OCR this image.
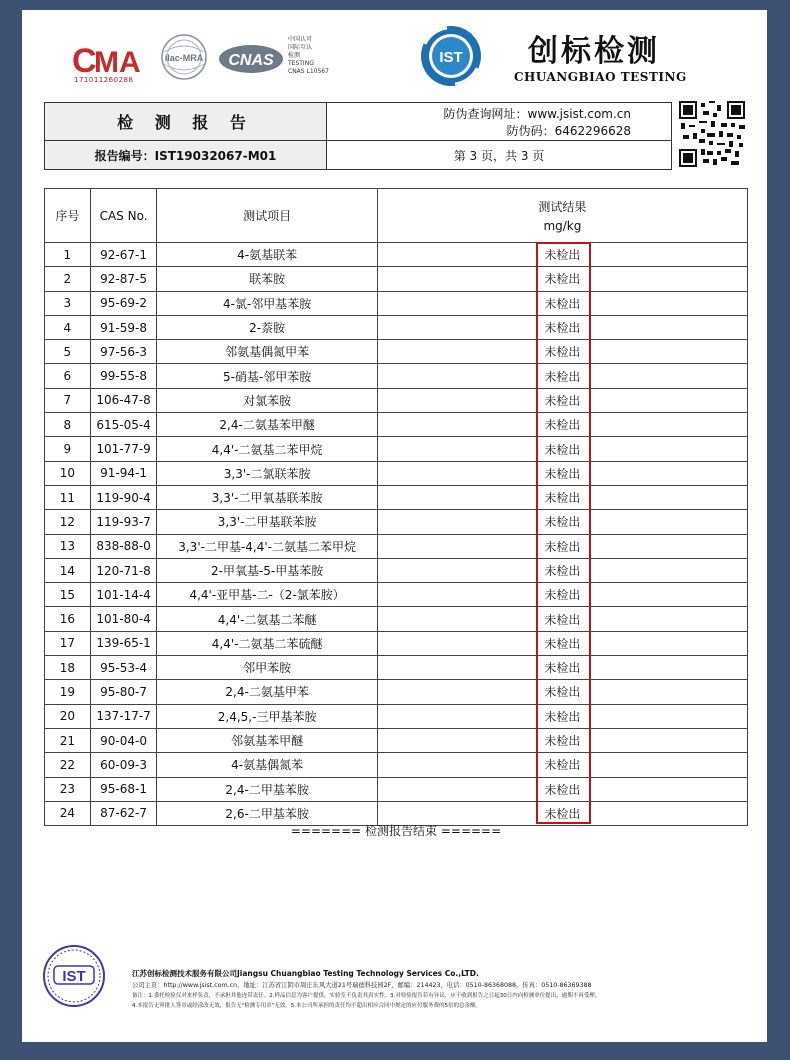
C
MA
171011260288
ilac-MRA CNAS
中国认可
国际互认
检测
TESTING
CNAS L10567
IST 创标检测
CHUANGBIAO TESTING
检 测 报 告	防伪查询网址：www.jsist.com.cn
防伪码：6462296628
报告编号：IST19032067-M01	第 3 页，共 3 页
序号	CAS No.	测试项目	测试结果
mg/kg

1	92-67-1	4-氨基联苯	未检出
2	92-87-5	联苯胺	未检出
3	95-69-2	4-氯-邻甲基苯胺	未检出
4	91-59-8	2-萘胺	未检出
5	97-56-3	邻氨基偶氮甲苯	未检出
6	99-55-8	5-硝基-邻甲苯胺	未检出
7	106-47-8	对氯苯胺	未检出
8	615-05-4	2,4-二氨基苯甲醚	未检出
9	101-77-9	4,4'-二氨基二苯甲烷	未检出
10	91-94-1	3,3'-二氯联苯胺	未检出
11	119-90-4	3,3'-二甲氧基联苯胺	未检出
12	119-93-7	3,3'-二甲基联苯胺	未检出
13	838-88-0	3,3'-二甲基-4,4'-二氨基二苯甲烷	未检出
14	120-71-8	2-甲氧基-5-甲基苯胺	未检出
15	101-14-4	4,4'-亚甲基-二-（2-氯苯胺）	未检出
16	101-80-4	4,4'-二氨基二苯醚	未检出
17	139-65-1	4,4'-二氨基二苯硫醚	未检出
18	95-53-4	邻甲苯胺	未检出
19	95-80-7	2,4-二氨基甲苯	未检出
20	137-17-7	2,4,5,-三甲基苯胺	未检出
21	90-04-0	邻氨基苯甲醚	未检出
22	60-09-3	4-氨基偶氮苯	未检出
23	95-68-1	2,4-二甲基苯胺	未检出
24	87-62-7	2,6-二甲基苯胺	未检出
======= 检测报告结束 ======
IST	江苏创标检测技术服务有限公司Jiangsu Chuangbiao Testing Technology Services Co.,LTD.
公司主页：http://www.jsist.com.cn，地址：江苏省江阴市周庄东风大道21号瑞德科技园2F，邮编：214423，电话：0510-86368088，传真：0510-86369388
备注：1.委托检验仅对来样负责，不承担其他连带责任。2.样品信息为客户提供，实验室不负责其真实性。3.对检验报告若有异议，应于收到报告之日起30日内向检测单位提出，逾期不再受理。
4.本报告无审批人签章或经涂改无效，报告无"检测专用章"无效。5.本公司所承担的责任均不超出相应合同中规定的应付服务费的5倍的总金额。
